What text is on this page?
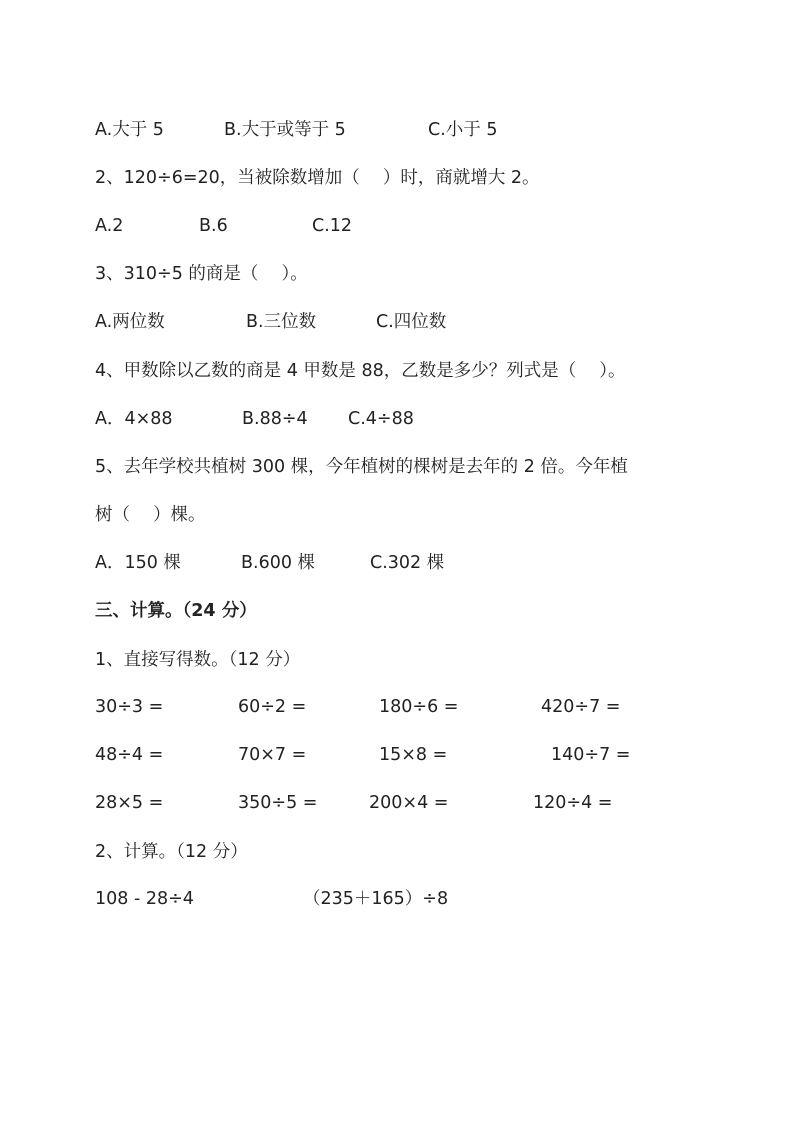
A.大于 5	B.大于或等于 5	C.小于 5
2、120÷6=20，当被除数增加（　 ）时，商就增大 2。
A.2	B.6	C.12
3、310÷5 的商是（　 ）。
A.两位数	B.三位数	C.四位数
4、甲数除以乙数的商是 4 甲数是 88，乙数是多少？列式是（　 ）。
A．4×88	B.88÷4 C.4÷88
5、去年学校共植树 300 棵，今年植树的棵树是去年的 2 倍。今年植
树（　 ）棵。
A．150 棵	B.600 棵	C.302 棵
三、计算。（24 分）
1、直接写得数。（12 分）
30÷3 =	60÷2 =	180÷6 =	420÷7 =
48÷4 =	70×7 =	15×8 =	140÷7 =
28×5 =	350÷5 =	200×4 =	120÷4 =
2、计算。（12 分）
108 - 28÷4	（235＋165）÷8
